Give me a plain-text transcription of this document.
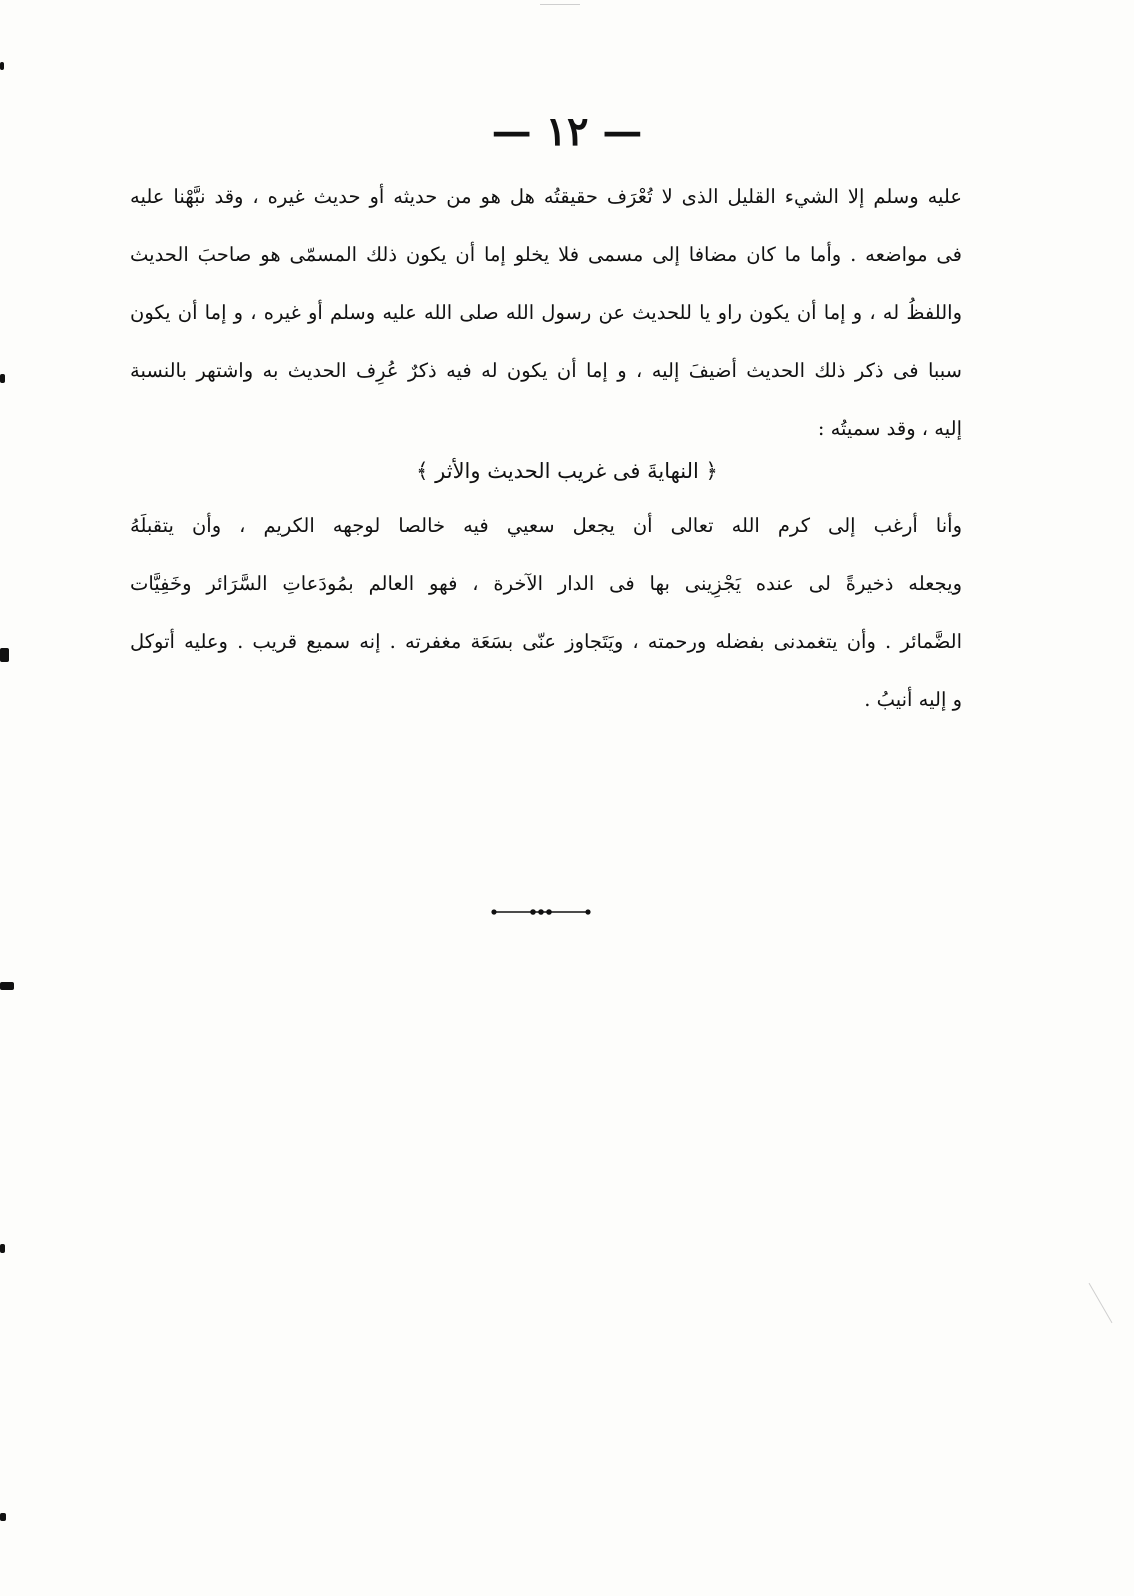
— ١٢ —
عليه وسلم إلا الشيء القليل الذى لا تُعْرَف حقيقتُه هل هو من حديثه أو حديث غيره ، وقد نبَّهْنا عليه
فى مواضعه . وأما ما كان مضافا إلى مسمى فلا يخلو إما أن يكون ذلك المسمّى هو صاحبَ الحديث
واللفظُ له ، و إما أن يكون راو يا للحديث عن رسول الله صلى الله عليه وسلم أو غيره ، و إما أن يكون
سببا فى ذكر ذلك الحديث أضيفَ إليه ، و إما أن يكون له فيه ذكرٌ عُرِف الحديث به واشتهر بالنسبة
إليه ، وقد سميتُه :
﴿ النهايةَ فى غريب الحديث والأثر ﴾
وأنا أرغب إلى كرم الله تعالى أن يجعل سعيي فيه خالصا لوجهه الكريم ، وأن يتقبلَهُ
ويجعله ذخيرةً لى عنده يَجْزِينى بها فى الدار الآخرة ، فهو العالم بمُودَعاتِ السَّرَائر وخَفِيَّات
الضَّمائر . وأن يتغمدنى بفضله ورحمته ، ويَتَجاوز عنّى بسَعَة مغفرته . إنه سميع قريب . وعليه أتوكل
و إليه أنيبُ .
